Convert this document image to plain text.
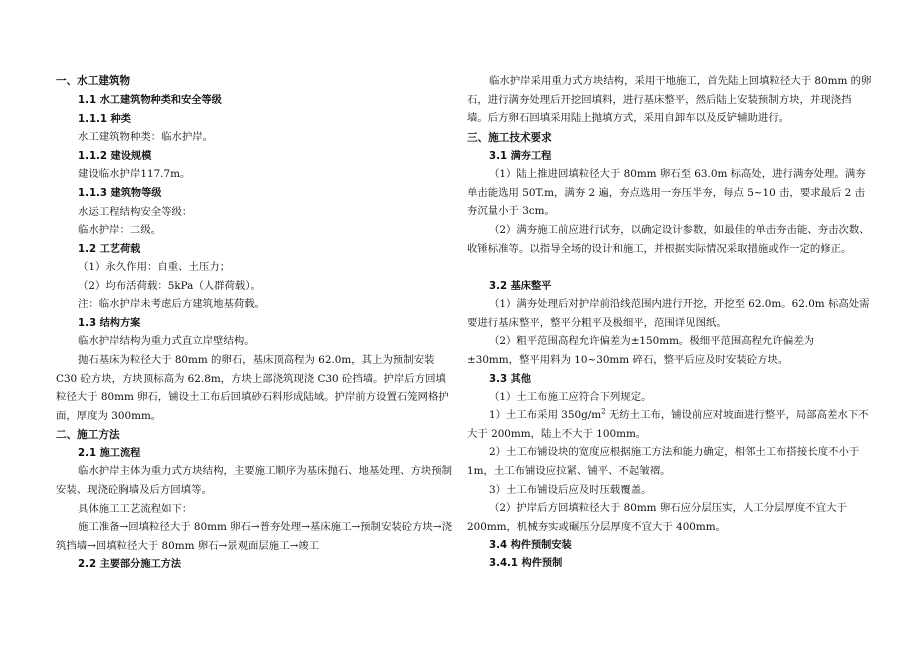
一、水工建筑物
1.1 水工建筑物种类和安全等级
1.1.1 种类
水工建筑物种类：临水护岸。
1.1.2 建设规模
建设临水护岸117.7m。
1.1.3 建筑物等级
水运工程结构安全等级：
临水护岸：二级。
1.2 工艺荷载
（1）永久作用：自重、土压力；
（2）均布活荷载：5kPa（人群荷载）。
注：临水护岸未考虑后方建筑地基荷载。
1.3 结构方案
临水护岸结构为重力式直立岸壁结构。
抛石基床为粒径大于 80mm 的卵石，基床顶高程为 62.0m，其上为预制安装 C30 砼方块，方块顶标高为 62.8m，方块上部浇筑现浇 C30 砼挡墙。护岸后方回填粒径大于 80mm 卵石，铺设土工布后回填砂石料形成陆域。护岸前方设置石笼网格护面，厚度为 300mm。
二、施工方法
2.1 施工流程
临水护岸主体为重力式方块结构，主要施工顺序为基床抛石、地基处理、方块预制安装、现浇砼胸墙及后方回填等。
具体施工工艺流程如下：
施工准备→回填粒径大于 80mm 卵石→普夯处理→基床施工→预制安装砼方块→浇筑挡墙→回填粒径大于 80mm 卵石→景观面层施工→竣工
2.2 主要部分施工方法
临水护岸采用重力式方块结构，采用干地施工，首先陆上回填粒径大于 80mm 的卵石，进行满夯处理后开挖回填料，进行基床整平，然后陆上安装预制方块，并现浇挡墙。后方卵石回填采用陆上抛填方式，采用自卸车以及反铲辅助进行。
三、施工技术要求
3.1 满夯工程
（1）陆上推进回填粒径大于 80mm 卵石至 63.0m 标高处，进行满夯处理。满夯单击能选用 50T.m，满夯 2 遍，夯点选用一夯压半夯，每点 5~10 击，要求最后 2 击夯沉量小于 3cm。
（2）满夯施工前应进行试夯，以确定设计参数，如最佳的单击夯击能、夯击次数、收锤标准等。以指导全场的设计和施工，并根据实际情况采取措施或作一定的修正。
3.2 基床整平
（1）满夯处理后对护岸前沿线范围内进行开挖，开挖至 62.0m。62.0m 标高处需要进行基床整平，整平分粗平及极细平，范围详见图纸。
（2）粗平范围高程允许偏差为±150mm。极细平范围高程允许偏差为
±30mm，整平用料为 10~30mm 碎石，整平后应及时安装砼方块。
3.3 其他
（1）土工布施工应符合下列规定。
1）土工布采用 $350g/m^2$ 无纺土工布，铺设前应对坡面进行整平，局部高差水下不大于 200mm，陆上不大于 100mm。
2）土工布铺设块的宽度应根据施工方法和能力确定，相邻土工布搭接长度不小于 1m，土工布铺设应拉紧、铺平、不起皱褶。
3）土工布铺设后应及时压载覆盖。
（2）护岸后方回填粒径大于 80mm 卵石应分层压实，人工分层厚度不宜大于 200mm，机械夯实或碾压分层厚度不宜大于 400mm。
3.4 构件预制安装
3.4.1 构件预制
